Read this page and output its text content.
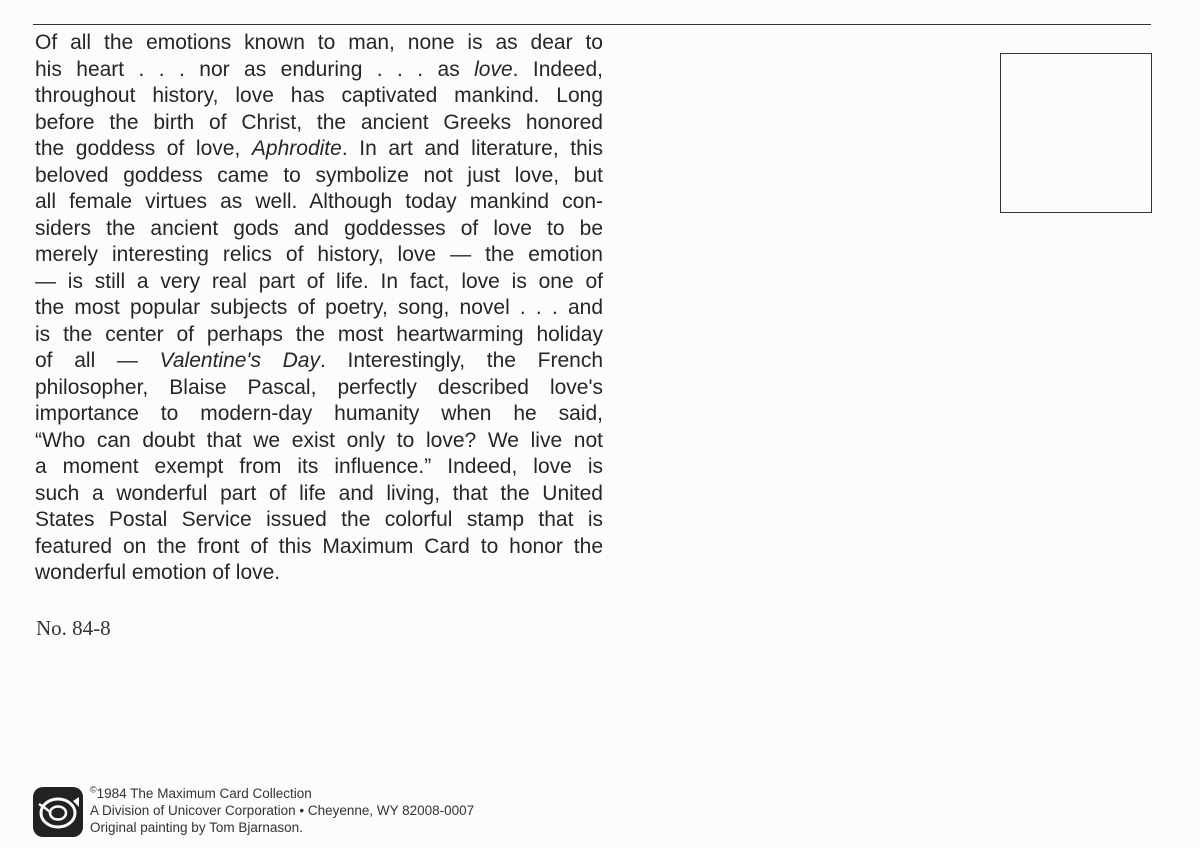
Of all the emotions known to man, none is as dear to
his heart . . . nor as enduring . . . as love. Indeed,
throughout history, love has captivated mankind. Long
before the birth of Christ, the ancient Greeks honored
the goddess of love, Aphrodite. In art and literature, this
beloved goddess came to symbolize not just love, but
all female virtues as well. Although today mankind con-
siders the ancient gods and goddesses of love to be
merely interesting relics of history, love — the emotion
— is still a very real part of life. In fact, love is one of
the most popular subjects of poetry, song, novel . . . and
is the center of perhaps the most heartwarming holiday
of all — Valentine's Day. Interestingly, the French
philosopher, Blaise Pascal, perfectly described love's
importance to modern-day humanity when he said,
“Who can doubt that we exist only to love? We live not
a moment exempt from its influence.” Indeed, love is
such a wonderful part of life and living, that the United
States Postal Service issued the colorful stamp that is
featured on the front of this Maximum Card to honor the
wonderful emotion of love.

No. 84-8

©1984 The Maximum Card Collection
A Division of Unicover Corporation • Cheyenne, WY 82008-0007
Original painting by Tom Bjarnason.
